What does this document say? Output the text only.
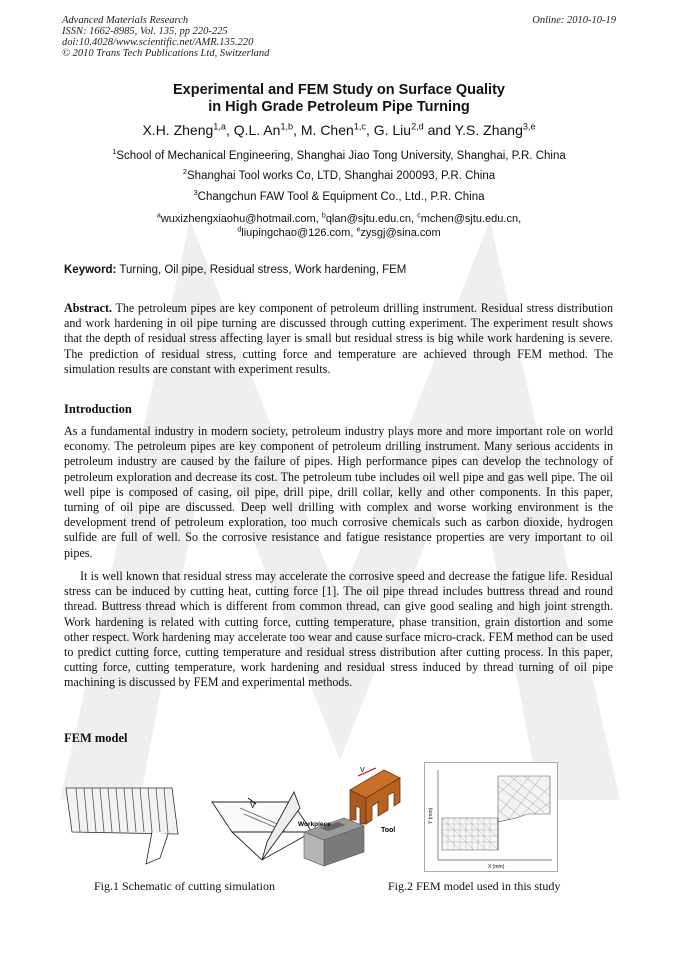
Advanced Materials Research
ISSN: 1662-8985, Vol. 135, pp 220-225
doi:10.4028/www.scientific.net/AMR.135.220
© 2010 Trans Tech Publications Ltd, Switzerland
Online: 2010-10-19
Experimental and FEM Study on Surface Quality
in High Grade Petroleum Pipe Turning
X.H. Zheng$^{1,a}$, Q.L. An$^{1,b}$, M. Chen$^{1,c}$, G. Liu$^{2,d}$ and Y.S. Zhang$^{3,e}$
$^1$School of Mechanical Engineering, Shanghai Jiao Tong University, Shanghai, P.R. China
$^2$Shanghai Tool works Co, LTD, Shanghai 200093, P.R. China
$^3$Changchun FAW Tool & Equipment Co., Ltd., P.R. China
$^a$wuxizhengxiaohu@hotmail.com, $^b$qlan@sjtu.edu.cn, $^c$mchen@sjtu.edu.cn,
$^d$liupingchao@126.com, $^e$zysgj@sina.com
Keyword: Turning, Oil pipe, Residual stress, Work hardening, FEM
Abstract. The petroleum pipes are key component of petroleum drilling instrument. Residual stress distribution and work hardening in oil pipe turning are discussed through cutting experiment. The experiment result shows that the depth of residual stress affecting layer is small but residual stress is big while work hardening is severe. The prediction of residual stress, cutting force and temperature are achieved through FEM method. The simulation results are constant with experiment results.
Introduction
As a fundamental industry in modern society, petroleum industry plays more and more important role on world economy. The petroleum pipes are key component of petroleum drilling instrument. Many serious accidents in petroleum industry are caused by the failure of pipes. High performance pipes can develop the technology of petroleum exploration and decrease its cost. The petroleum tube includes oil well pipe and gas well pipe. The oil well pipe is composed of casing, oil pipe, drill pipe, drill collar, kelly and other components. In this paper, turning of oil pipe are discussed. Deep well drilling with complex and worse working environment is the development trend of petroleum exploration, too much corrosive chemicals such as carbon dioxide, hydrogen sulfide are full of well. So the corrosive resistance and fatigue resistance properties are very important to oil pipes.
It is well known that residual stress may accelerate the corrosive speed and decrease the fatigue life. Residual stress can be induced by cutting heat, cutting force [1]. The oil pipe thread includes buttress thread and round thread. Buttress thread which is different from common thread, can give good sealing and high joint strength. Work hardening is related with cutting force, cutting temperature, phase transition, grain distortion and some other respect. Work hardening may accelerate too wear and cause surface micro-crack. FEM method can be used to predict cutting force, cutting temperature and residual stress distribution after cutting process. In this paper, cutting force, cutting temperature, work hardening and residual stress induced by thread turning of oil pipe machining is discussed by FEM and experimental methods.
FEM model
V
V
Tool
Workpiece
Fig.1 Schematic of cutting simulation
Y (mm)
X (mm)
Fig.2 FEM model used in this study
